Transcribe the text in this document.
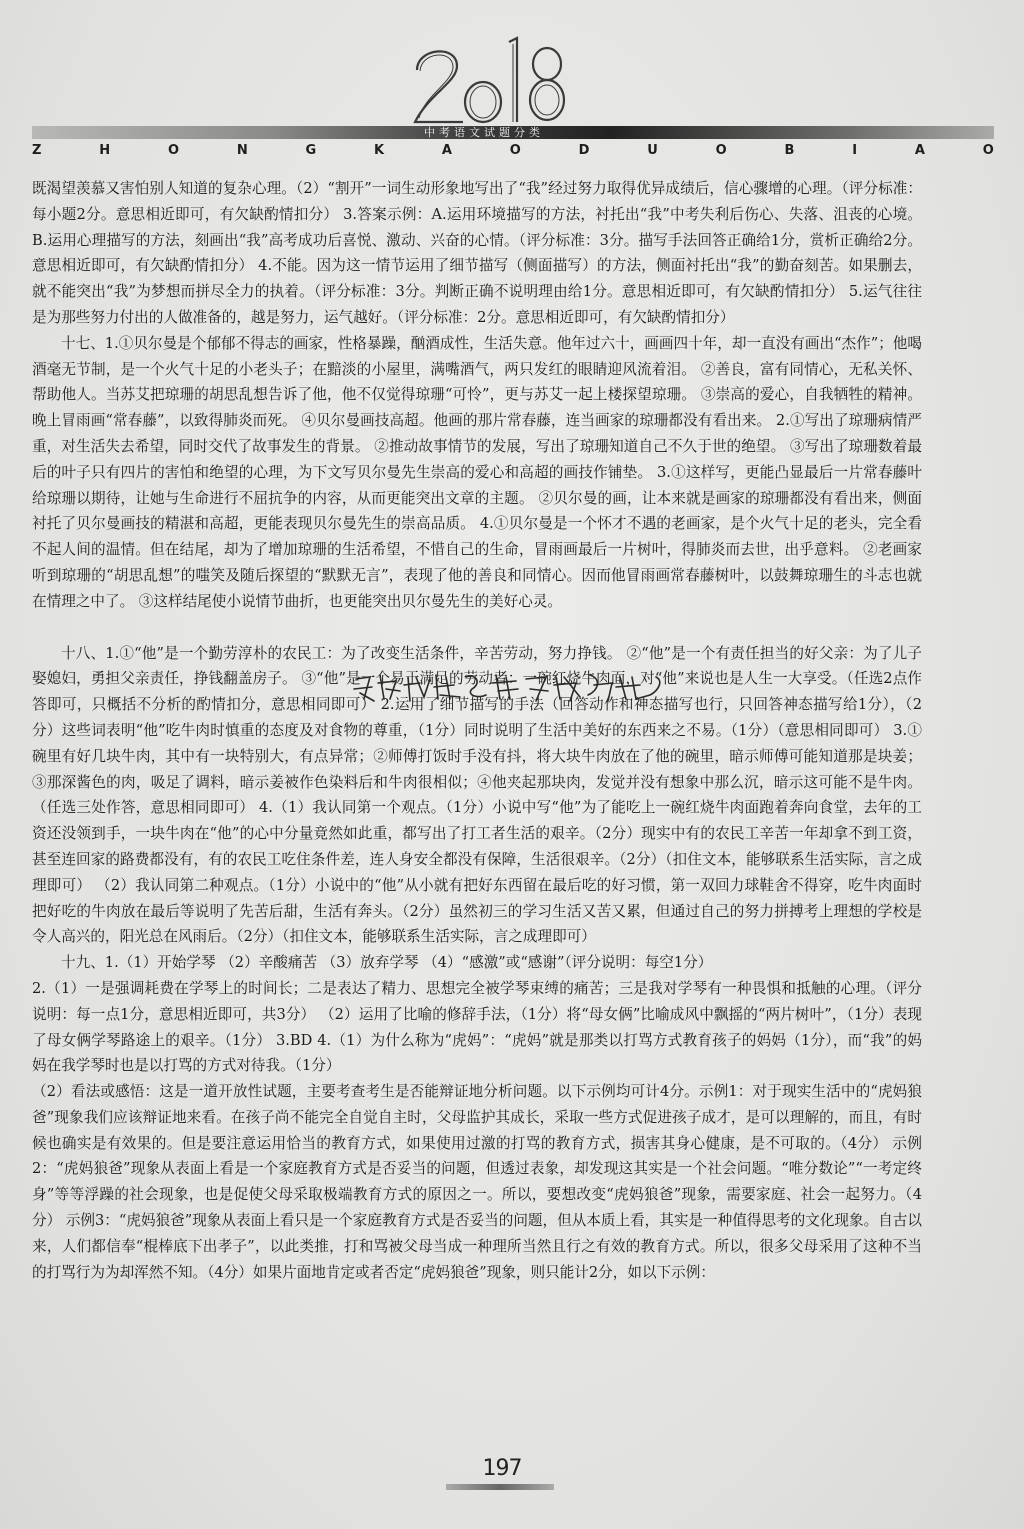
中考语文试题分类
Z	H	O	N	G	K	A	O	D	U	O	B	I	A	O

既渴望羡慕又害怕别人知道的复杂心理。（2）“割开”一词生动形象地写出了“我”经过努力取得优异成绩后，信心骤增的心理。（评分标准：每小题2分。意思相近即可，有欠缺酌情扣分） 3.答案示例：A.运用环境描写的方法，衬托出“我”中考失利后伤心、失落、沮丧的心境。 B.运用心理描写的方法，刻画出“我”高考成功后喜悦、激动、兴奋的心情。（评分标准：3分。描写手法回答正确给1分，赏析正确给2分。意思相近即可，有欠缺酌情扣分） 4.不能。因为这一情节运用了细节描写（侧面描写）的方法，侧面衬托出“我”的勤奋刻苦。如果删去，就不能突出“我”为梦想而拼尽全力的执着。（评分标准：3分。判断正确不说明理由给1分。意思相近即可，有欠缺酌情扣分） 5.运气往往是为那些努力付出的人做准备的，越是努力，运气越好。（评分标准：2分。意思相近即可，有欠缺酌情扣分）

十七、1.①贝尔曼是个郁郁不得志的画家，性格暴躁，酗酒成性，生活失意。他年过六十，画画四十年，却一直没有画出“杰作”；他喝酒毫无节制，是一个火气十足的小老头子；在黯淡的小屋里，满嘴酒气，两只发红的眼睛迎风流着泪。 ②善良，富有同情心，无私关怀、帮助他人。当苏艾把琼珊的胡思乱想告诉了他，他不仅觉得琼珊“可怜”，更与苏艾一起上楼探望琼珊。 ③崇高的爱心，自我牺牲的精神。晚上冒雨画“常春藤”，以致得肺炎而死。 ④贝尔曼画技高超。他画的那片常春藤，连当画家的琼珊都没有看出来。 2.①写出了琼珊病情严重，对生活失去希望，同时交代了故事发生的背景。 ②推动故事情节的发展，写出了琼珊知道自己不久于世的绝望。 ③写出了琼珊数着最后的叶子只有四片的害怕和绝望的心理，为下文写贝尔曼先生崇高的爱心和高超的画技作铺垫。 3.①这样写，更能凸显最后一片常春藤叶给琼珊以期待，让她与生命进行不屈抗争的内容，从而更能突出文章的主题。 ②贝尔曼的画，让本来就是画家的琼珊都没有看出来，侧面衬托了贝尔曼画技的精湛和高超，更能表现贝尔曼先生的崇高品质。 4.①贝尔曼是一个怀才不遇的老画家，是个火气十足的老头，完全看不起人间的温情。但在结尾，却为了增加琼珊的生活希望，不惜自己的生命，冒雨画最后一片树叶，得肺炎而去世，出乎意料。 ②老画家听到琼珊的“胡思乱想”的嗤笑及随后探望的“默默无言”，表现了他的善良和同情心。因而他冒雨画常春藤树叶，以鼓舞琼珊生的斗志也就在情理之中了。 ③这样结尾使小说情节曲折，也更能突出贝尔曼先生的美好心灵。

十八、1.①“他”是一个勤劳淳朴的农民工：为了改变生活条件，辛苦劳动，努力挣钱。 ②“他”是一个有责任担当的好父亲：为了儿子娶媳妇，勇担父亲责任，挣钱翻盖房子。 ③“他”是一个易于满足的劳动者：一碗红烧牛肉面，对“他”来说也是人生一大享受。（任选2点作答即可，只概括不分析的酌情扣分，意思相同即可） 2.运用了细节描写的手法（回答动作和神态描写也行，只回答神态描写给1分），（2分）这些词表明“他”吃牛肉时慎重的态度及对食物的尊重，（1分）同时说明了生活中美好的东西来之不易。（1分）（意思相同即可） 3.①碗里有好几块牛肉，其中有一块特别大，有点异常；②师傅打饭时手没有抖，将大块牛肉放在了他的碗里，暗示师傅可能知道那是块姜；③那深酱色的肉，吸足了调料，暗示姜被作色染料后和牛肉很相似；④他夹起那块肉，发觉并没有想象中那么沉，暗示这可能不是牛肉。（任选三处作答，意思相同即可） 4.（1）我认同第一个观点。（1分）小说中写“他”为了能吃上一碗红烧牛肉面跑着奔向食堂，去年的工资还没领到手，一块牛肉在“他”的心中分量竟然如此重，都写出了打工者生活的艰辛。（2分）现实中有的农民工辛苦一年却拿不到工资，甚至连回家的路费都没有，有的农民工吃住条件差，连人身安全都没有保障，生活很艰辛。（2分）（扣住文本，能够联系生活实际，言之成理即可） （2）我认同第二种观点。（1分）小说中的“他”从小就有把好东西留在最后吃的好习惯，第一双回力球鞋舍不得穿，吃牛肉面时把好吃的牛肉放在最后等说明了先苦后甜，生活有奔头。（2分）虽然初三的学习生活又苦又累，但通过自己的努力拼搏考上理想的学校是令人高兴的，阳光总在风雨后。（2分）（扣住文本，能够联系生活实际，言之成理即可）

十九、1.（1）开始学琴 （2）辛酸痛苦 （3）放弃学琴 （4）“感激”或“感谢”（评分说明：每空1分）

2.（1）一是强调耗费在学琴上的时间长；二是表达了精力、思想完全被学琴束缚的痛苦；三是我对学琴有一种畏惧和抵触的心理。（评分说明：每一点1分，意思相近即可，共3分） （2）运用了比喻的修辞手法，（1分）将“母女俩”比喻成风中飘摇的“两片树叶”，（1分）表现了母女俩学琴路途上的艰辛。（1分） 3.BD 4.（1）为什么称为“虎妈”：“虎妈”就是那类以打骂方式教育孩子的妈妈（1分），而“我”的妈妈在我学琴时也是以打骂的方式对待我。（1分）

（2）看法或感悟：这是一道开放性试题，主要考查考生是否能辩证地分析问题。以下示例均可计4分。示例1：对于现实生活中的“虎妈狼爸”现象我们应该辩证地来看。在孩子尚不能完全自觉自主时，父母监护其成长，采取一些方式促进孩子成才，是可以理解的，而且，有时候也确实是有效果的。但是要注意运用恰当的教育方式，如果使用过激的打骂的教育方式，损害其身心健康，是不可取的。（4分） 示例2：“虎妈狼爸”现象从表面上看是一个家庭教育方式是否妥当的问题，但透过表象，却发现这其实是一个社会问题。“唯分数论”“一考定终身”等等浮躁的社会现象，也是促使父母采取极端教育方式的原因之一。所以，要想改变“虎妈狼爸”现象，需要家庭、社会一起努力。（4分） 示例3：“虎妈狼爸”现象从表面上看只是一个家庭教育方式是否妥当的问题，但从本质上看，其实是一种值得思考的文化现象。自古以来，人们都信奉“棍棒底下出孝子”，以此类推，打和骂被父母当成一种理所当然且行之有效的教育方式。所以，很多父母采用了这种不当的打骂行为为却浑然不知。（4分）如果片面地肯定或者否定“虎妈狼爸”现象，则只能计2分，如以下示例：

197
